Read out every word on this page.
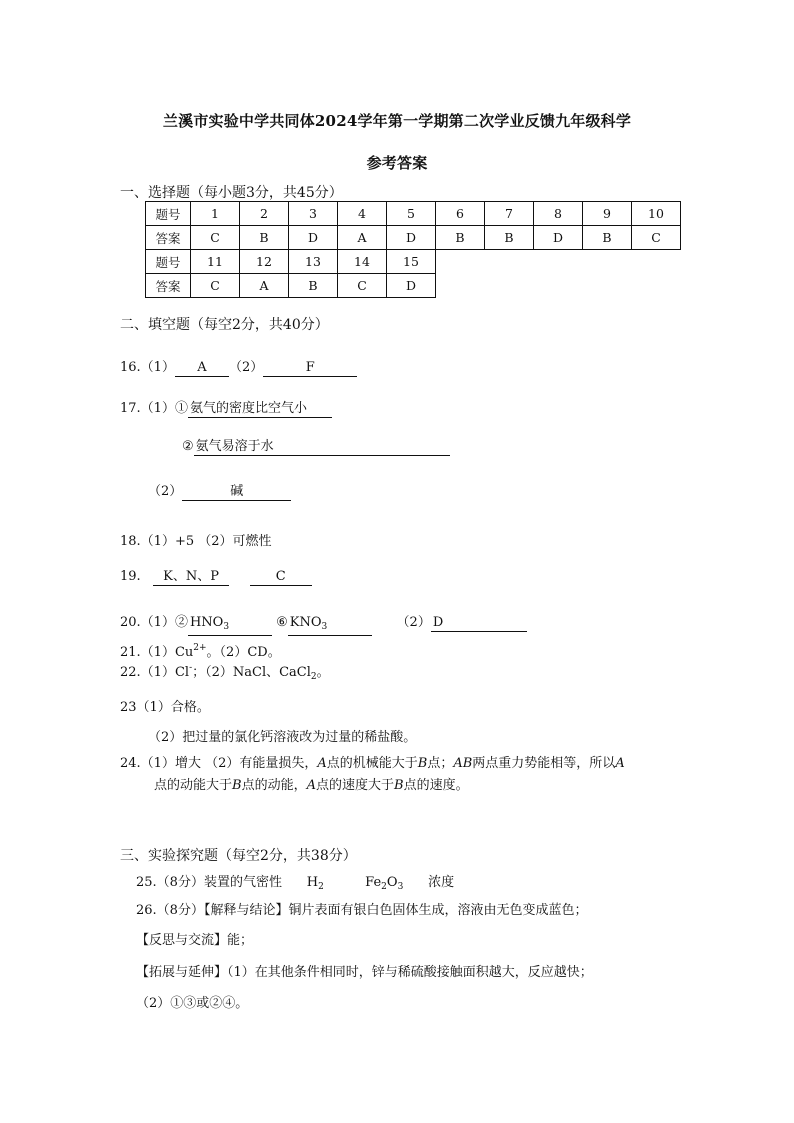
兰溪市实验中学共同体2024学年第一学期第二次学业反馈九年级科学
参考答案
一、选择题（每小题3分，共45分）
题号	1	2	3	4	5	6	7	8	9	10
答案	C	B	D	A	D	B	B	D	B	C
题号	11	12	13	14	15					
答案	C	A	B	C	D					
二、填空题（每空2分，共40分）
16.（1） A （2）	F
17.（1）① 氨气的密度比空气小
② 氨气易溶于水
（2）	碱
18.（1）+5 （2）可燃性
19. K、N、P	C
20.（1）② $HNO_3$	⑥ $KNO_3$	（2） D
$21.(1)Cu^{2+}$。（2）CD。
22.（1）Cl-；（2）NaCl、CaCl$_2$。
23（1）合格。
（2）把过量的氯化钙溶液改为过量的稀盐酸。
24.（1）增大 （2）有能量损失，A点的机械能大于B点；AB两点重力势能相等，所以A
点的动能大于B点的动能，A点的速度大于B点的速度。
三、实验探究题（每空2分，共38分）
25.（8分）装置的气密性 $H_2$	$Fe_2O_3$ 浓度
26.（8分）【解释与结论】铜片表面有银白色固体生成，溶液由无色变成蓝色；
【反思与交流】能；
【拓展与延伸】（1）在其他条件相同时，锌与稀硫酸接触面积越大，反应越快；
（2）①③或②④。
